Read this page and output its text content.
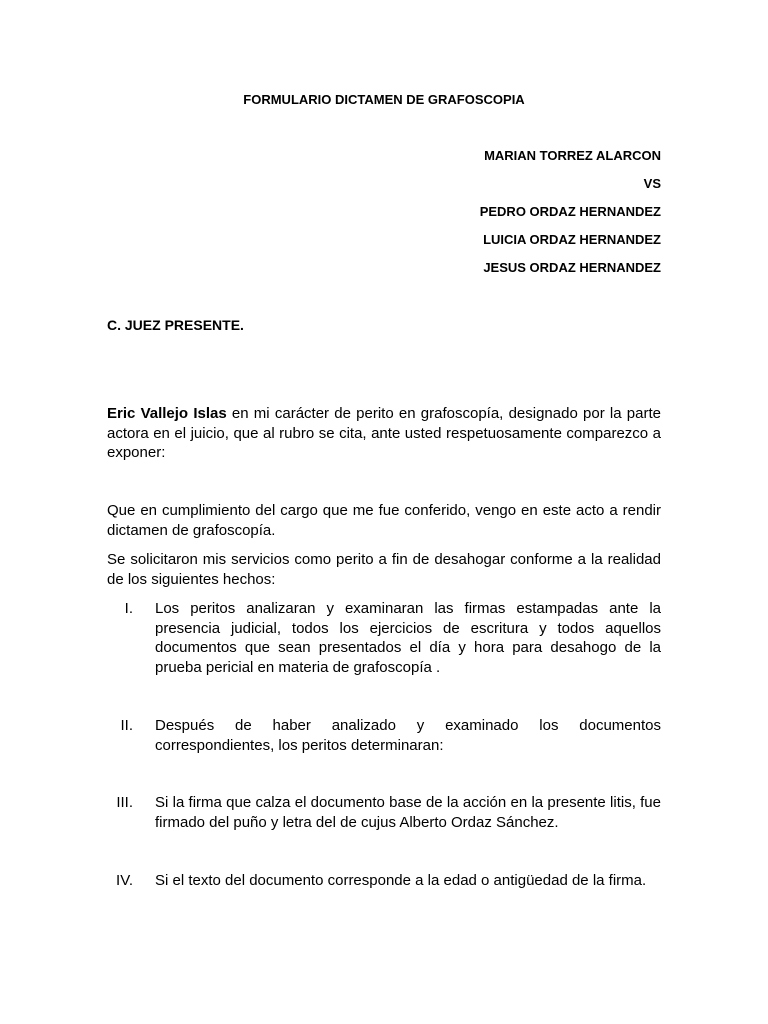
FORMULARIO DICTAMEN DE GRAFOSCOPIA
MARIAN TORREZ ALARCON
VS
PEDRO ORDAZ HERNANDEZ
LUICIA ORDAZ HERNANDEZ
JESUS ORDAZ HERNANDEZ
C. JUEZ PRESENTE.
Eric Vallejo Islas en mi carácter de perito en grafoscopía, designado por la parte actora en el juicio, que al rubro se cita, ante usted respetuosamente comparezco a exponer:
Que en cumplimiento del cargo que me fue conferido, vengo en este acto a rendir dictamen de grafoscopía.
Se solicitaron mis servicios como perito a fin de desahogar conforme a la realidad de los siguientes hechos:
I. Los peritos analizaran y examinaran las firmas estampadas ante la presencia judicial, todos los ejercicios de escritura y todos aquellos documentos que sean presentados el día y hora para desahogo de la prueba pericial en materia de grafoscopía .
II. Después de haber analizado y examinado los documentos correspondientes, los peritos determinaran:
III. Si la firma que calza el documento base de la acción en la presente litis, fue firmado del puño y letra del de cujus Alberto Ordaz Sánchez.
IV. Si el texto del documento corresponde a la edad o antigüedad de la firma.
